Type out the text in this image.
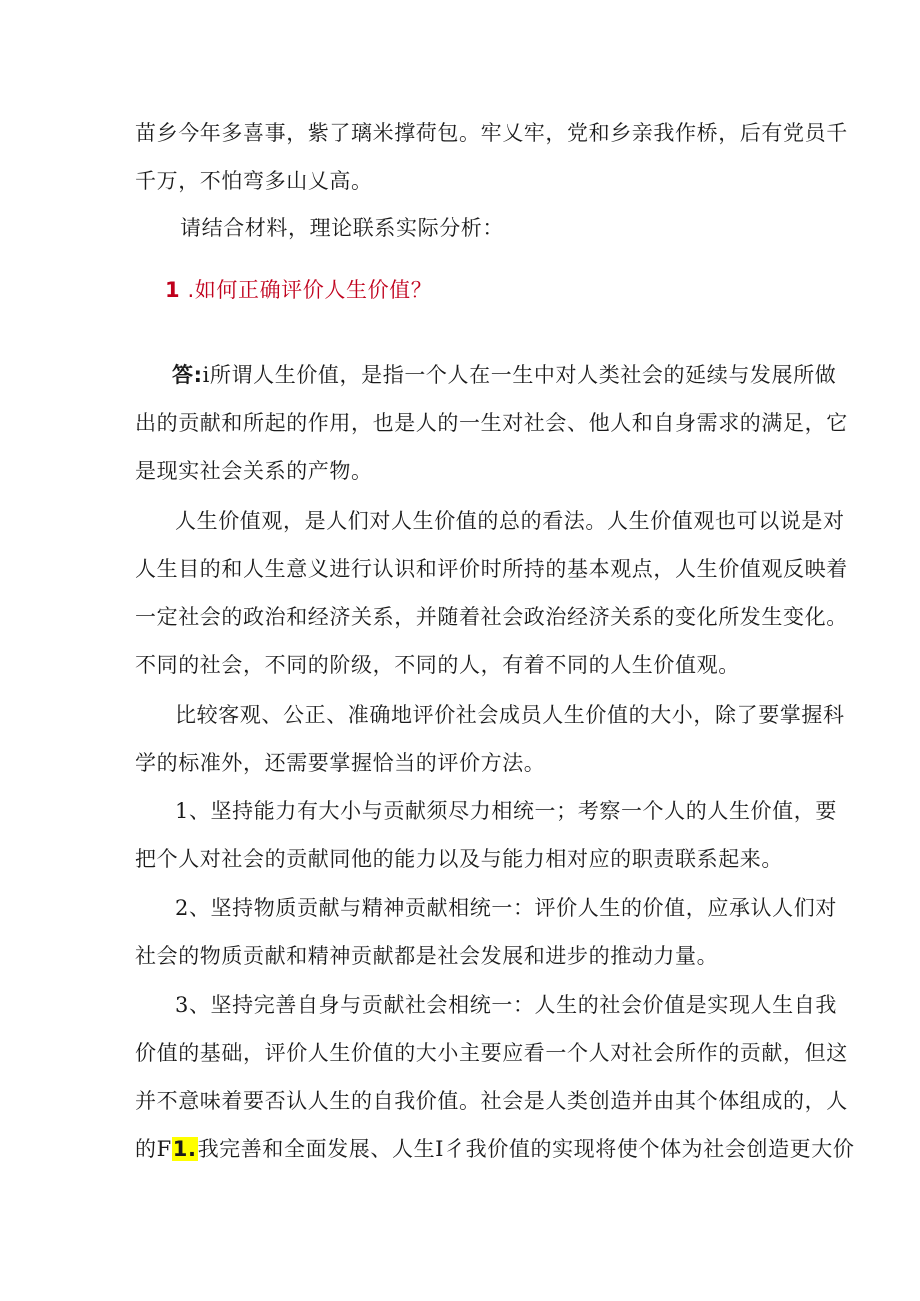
苗乡今年多喜事，紫了璃米撑荷包。牢乂牢，党和乡亲我作桥，后有党员千
千万，不怕弯多山乂高。
请结合材料，理论联系实际分析：
1 .如何正确评价人生价值？
答:i所谓人生价值，是指一个人在一生中对人类社会的延续与发展所做
出的贡献和所起的作用，也是人的一生对社会、他人和自身需求的满足，它
是现实社会关系的产物。
人生价值观，是人们对人生价值的总的看法。人生价值观也可以说是对
人生目的和人生意义进行认识和评价时所持的基本观点，人生价值观反映着
一定社会的政治和经济关系，并随着社会政治经济关系的变化所发生变化。
不同的社会，不同的阶级，不同的人，有着不同的人生价值观。
比较客观、公正、准确地评价社会成员人生价值的大小，除了要掌握科
学的标准外，还需要掌握恰当的评价方法。
1、坚持能力有大小与贡献须尽力相统一；考察一个人的人生价值，要
把个人对社会的贡献同他的能力以及与能力相对应的职责联系起来。
2、坚持物质贡献与精神贡献相统一：评价人生的价值，应承认人们对
社会的物质贡献和精神贡献都是社会发展和进步的推动力量。
3、坚持完善自身与贡献社会相统一：人生的社会价值是实现人生自我
价值的基础，评价人生价值的大小主要应看一个人对社会所作的贡献，但这
并不意味着要否认人生的自我价值。社会是人类创造并由其个体组成的，人
的F1.我完善和全面发展、人生I彳我价值的实现将使个体为社会创造更大价
